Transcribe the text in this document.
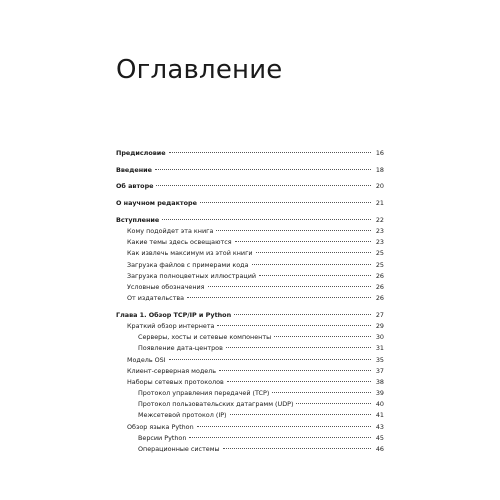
Оглавление
Предисловие	16
Введение	18
Об авторе	20
О научном редакторе	21
Вступление	22
Кому подойдет эта книга	23
Какие темы здесь освещаются	23
Как извлечь максимум из этой книги	25
Загрузка файлов с примерами кода	25
Загрузка полноцветных иллюстраций	26
Условные обозначения	26
От издательства	26
Глава 1. Обзор TCP/IP и Python	27
Краткий обзор интернета	29
Серверы, хосты и сетевые компоненты	30
Появление дата-центров	31
Модель OSI	35
Клиент-серверная модель	37
Наборы сетевых протоколов	38
Протокол управления передачей (TCP)	39
Протокол пользовательских датаграмм (UDP)	40
Межсетевой протокол (IP)	41
Обзор языка Python	43
Версии Python	45
Операционные системы	46
